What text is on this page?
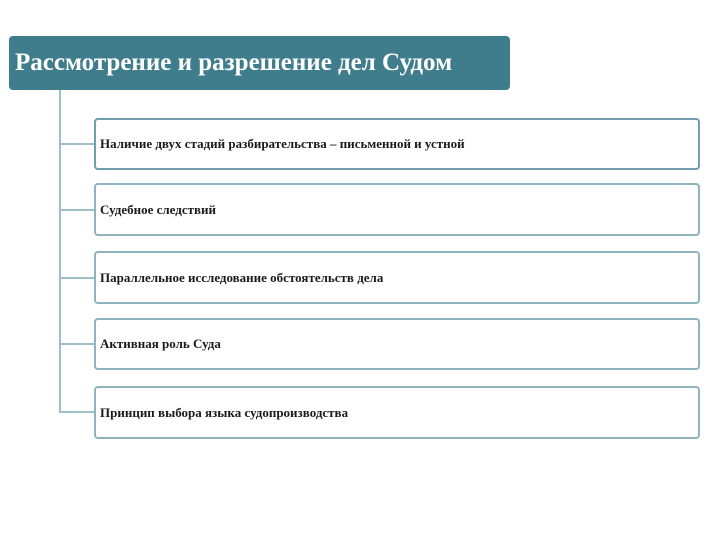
Рассмотрение и разрешение дел Судом
Наличие двух стадий разбирательства – письменной и устной
Судебное следствий
Параллельное исследование обстоятельств дела
Активная роль Суда
Принцип выбора языка судопроизводства
